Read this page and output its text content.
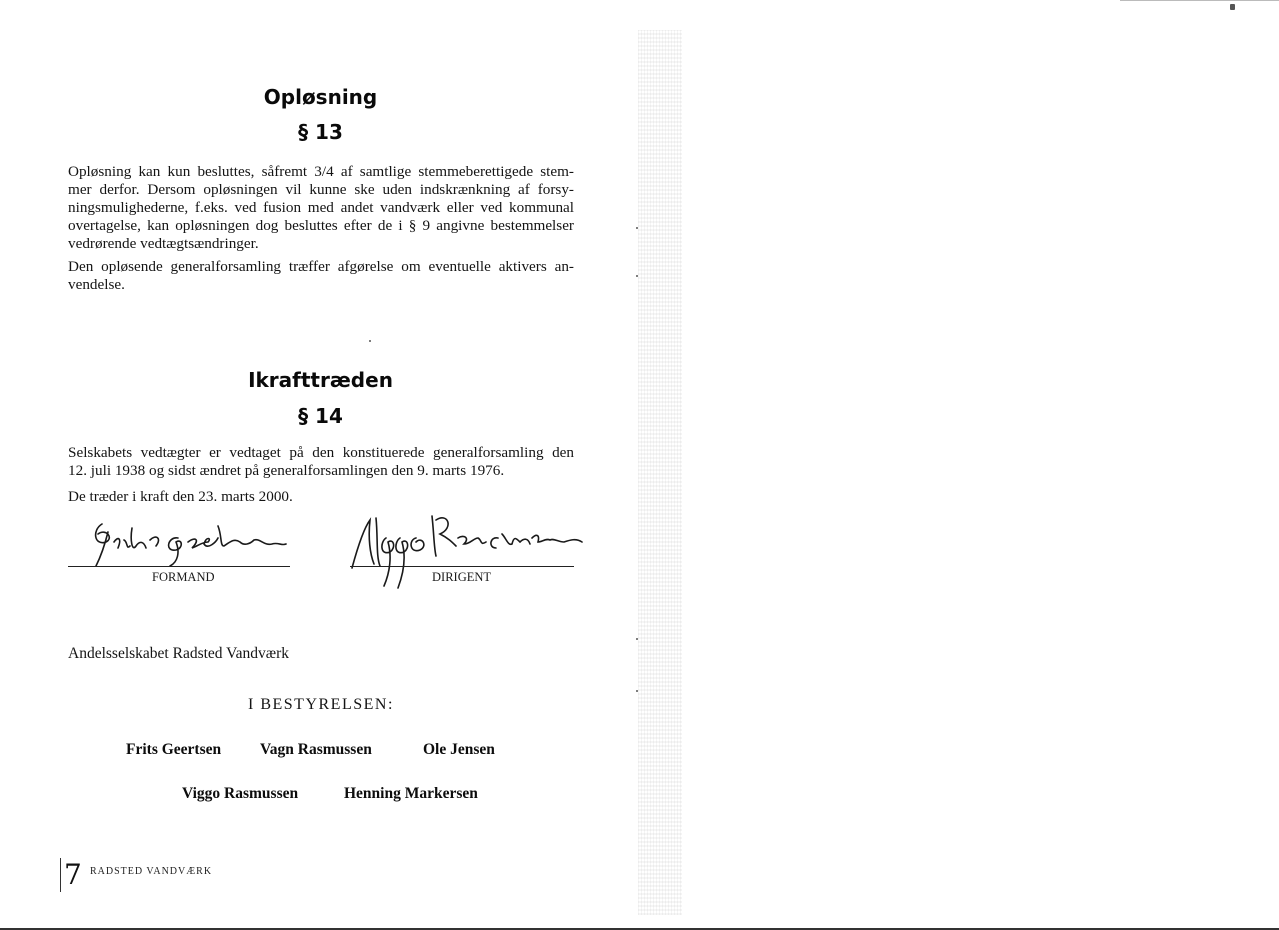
Opløsning
§ 13

Opløsning kan kun besluttes, såfremt 3/4 af samtlige stemmeberettigede stem-
mer derfor. Dersom opløsningen vil kunne ske uden indskrænkning af forsy-
ningsmulighederne, f.eks. ved fusion med andet vandværk eller ved kommunal
overtagelse, kan opløsningen dog besluttes efter de i § 9 angivne bestemmelser
vedrørende vedtægtsændringer.

Den opløsende generalforsamling træffer afgørelse om eventuelle aktivers an-
vendelse.

Ikrafttræden
§ 14

Selskabets vedtægter er vedtaget på den konstituerede generalforsamling den
12. juli 1938 og sidst ændret på generalforsamlingen den 9. marts 1976.

De træder i kraft den 23. marts 2000.

FORMAND	DIRIGENT

Andelsselskabet Radsted Vandværk

I BESTYRELSEN:

Frits Geertsen	Vagn Rasmussen	Ole Jensen

Viggo Rasmussen	Henning Markersen

7 RADSTED VANDVÆRK
